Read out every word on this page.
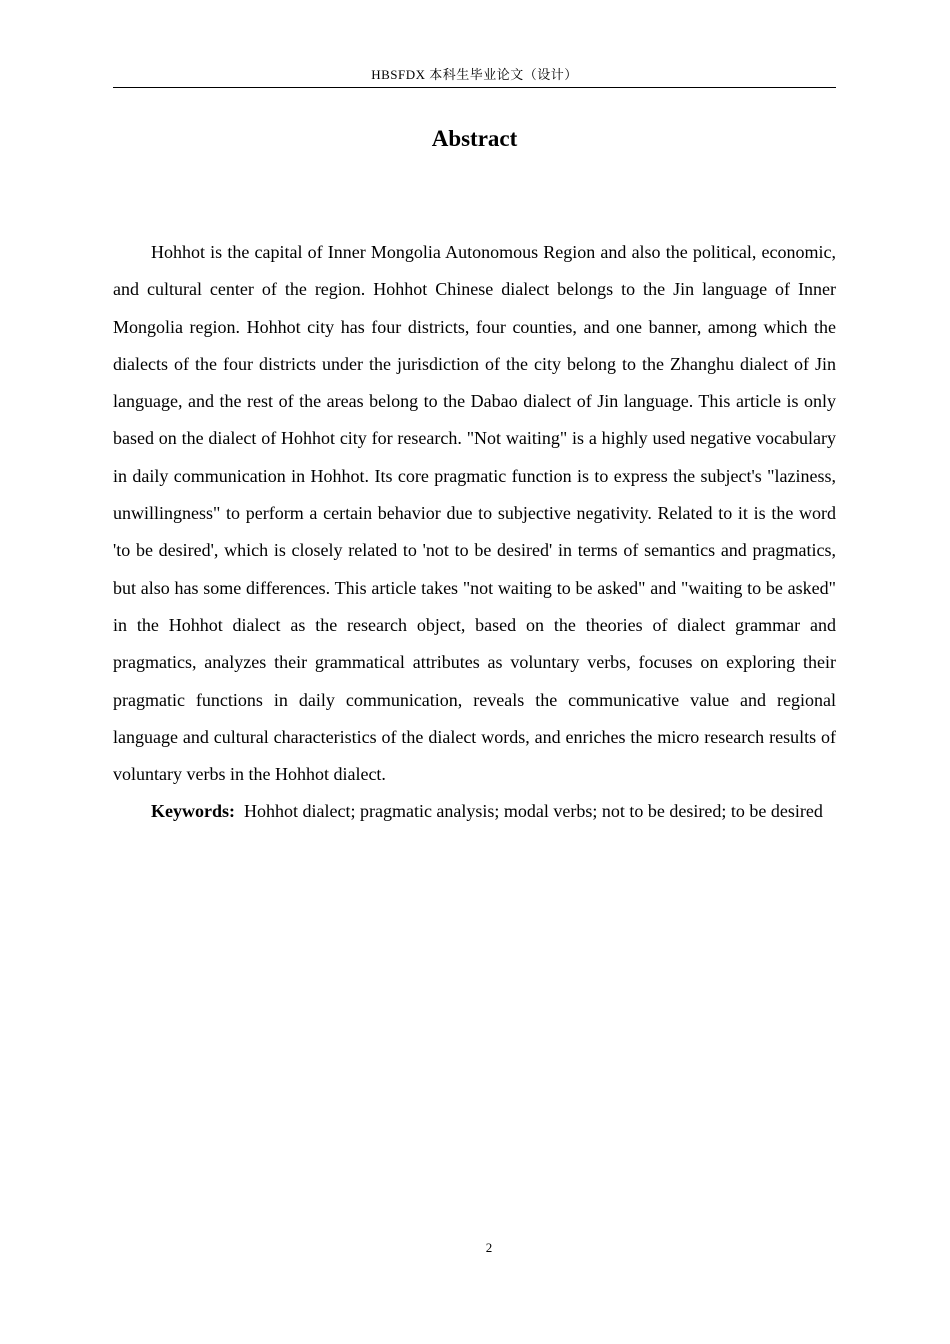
HBSFDX 本科生毕业论文（设计）
Abstract

Hohhot is the capital of Inner Mongolia Autonomous Region and also the political, economic, and cultural center of the region. Hohhot Chinese dialect belongs to the Jin language of Inner Mongolia region. Hohhot city has four districts, four counties, and one banner, among which the dialects of the four districts under the jurisdiction of the city belong to the Zhanghu dialect of Jin language, and the rest of the areas belong to the Dabao dialect of Jin language. This article is only based on the dialect of Hohhot city for research. "Not waiting" is a highly used negative vocabulary in daily communication in Hohhot. Its core pragmatic function is to express the subject's "laziness, unwillingness" to perform a certain behavior due to subjective negativity. Related to it is the word 'to be desired', which is closely related to 'not to be desired' in terms of semantics and pragmatics, but also has some differences. This article takes "not waiting to be asked" and "waiting to be asked" in the Hohhot dialect as the research object, based on the theories of dialect grammar and pragmatics, analyzes their grammatical attributes as voluntary verbs, focuses on exploring their pragmatic functions in daily communication, reveals the communicative value and regional language and cultural characteristics of the dialect words, and enriches the micro research results of voluntary verbs in the Hohhot dialect.

Keywords: Hohhot dialect; pragmatic analysis; modal verbs; not to be desired; to be desired

2
